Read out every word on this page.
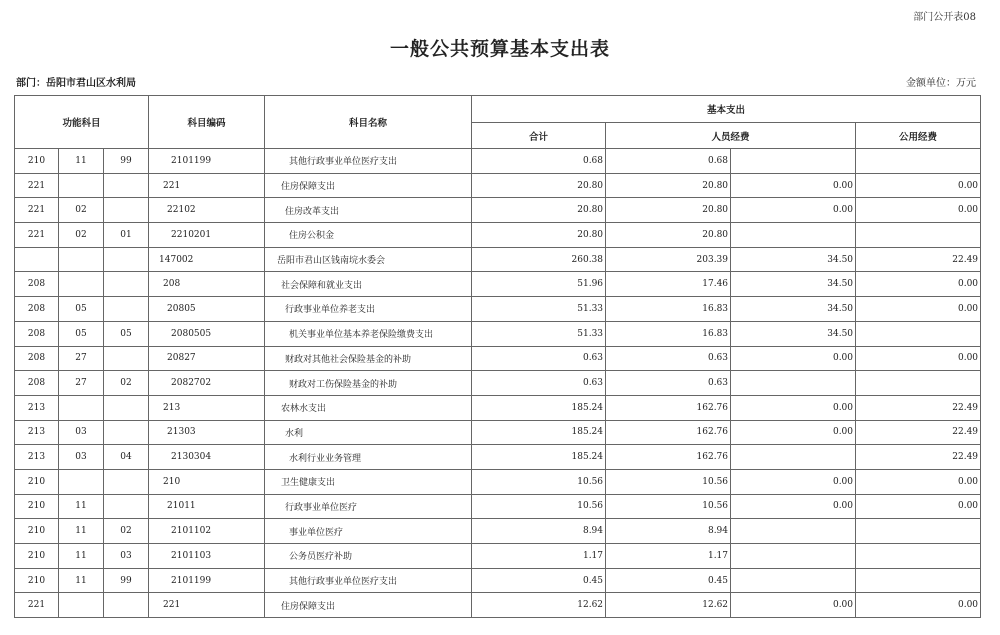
部门公开表08
一般公共预算基本支出表
部门：岳阳市君山区水利局	金额单位：万元
功能科目			科目编码	科目名称	基本支出			
					合计	人员经费		公用经费
210	11	99	2101199	其他行政事业单位医疗支出	0.68	0.68		
221			221	住房保障支出	20.80	20.80	0.00	0.00
221	02		22102	住房改革支出	20.80	20.80	0.00	0.00
221	02	01	2210201	住房公积金	20.80	20.80		
			147002	岳阳市君山区钱南垸水委会	260.38	203.39	34.50	22.49
208			208	社会保障和就业支出	51.96	17.46	34.50	0.00
208	05		20805	行政事业单位养老支出	51.33	16.83	34.50	0.00
208	05	05	2080505	机关事业单位基本养老保险缴费支出	51.33	16.83	34.50	
208	27		20827	财政对其他社会保险基金的补助	0.63	0.63	0.00	0.00
208	27	02	2082702	财政对工伤保险基金的补助	0.63	0.63		
213			213	农林水支出	185.24	162.76	0.00	22.49
213	03		21303	水利	185.24	162.76	0.00	22.49
213	03	04	2130304	水利行业业务管理	185.24	162.76		22.49
210			210	卫生健康支出	10.56	10.56	0.00	0.00
210	11		21011	行政事业单位医疗	10.56	10.56	0.00	0.00
210	11	02	2101102	事业单位医疗	8.94	8.94		
210	11	03	2101103	公务员医疗补助	1.17	1.17		
210	11	99	2101199	其他行政事业单位医疗支出	0.45	0.45		
221			221	住房保障支出	12.62	12.62	0.00	0.00
